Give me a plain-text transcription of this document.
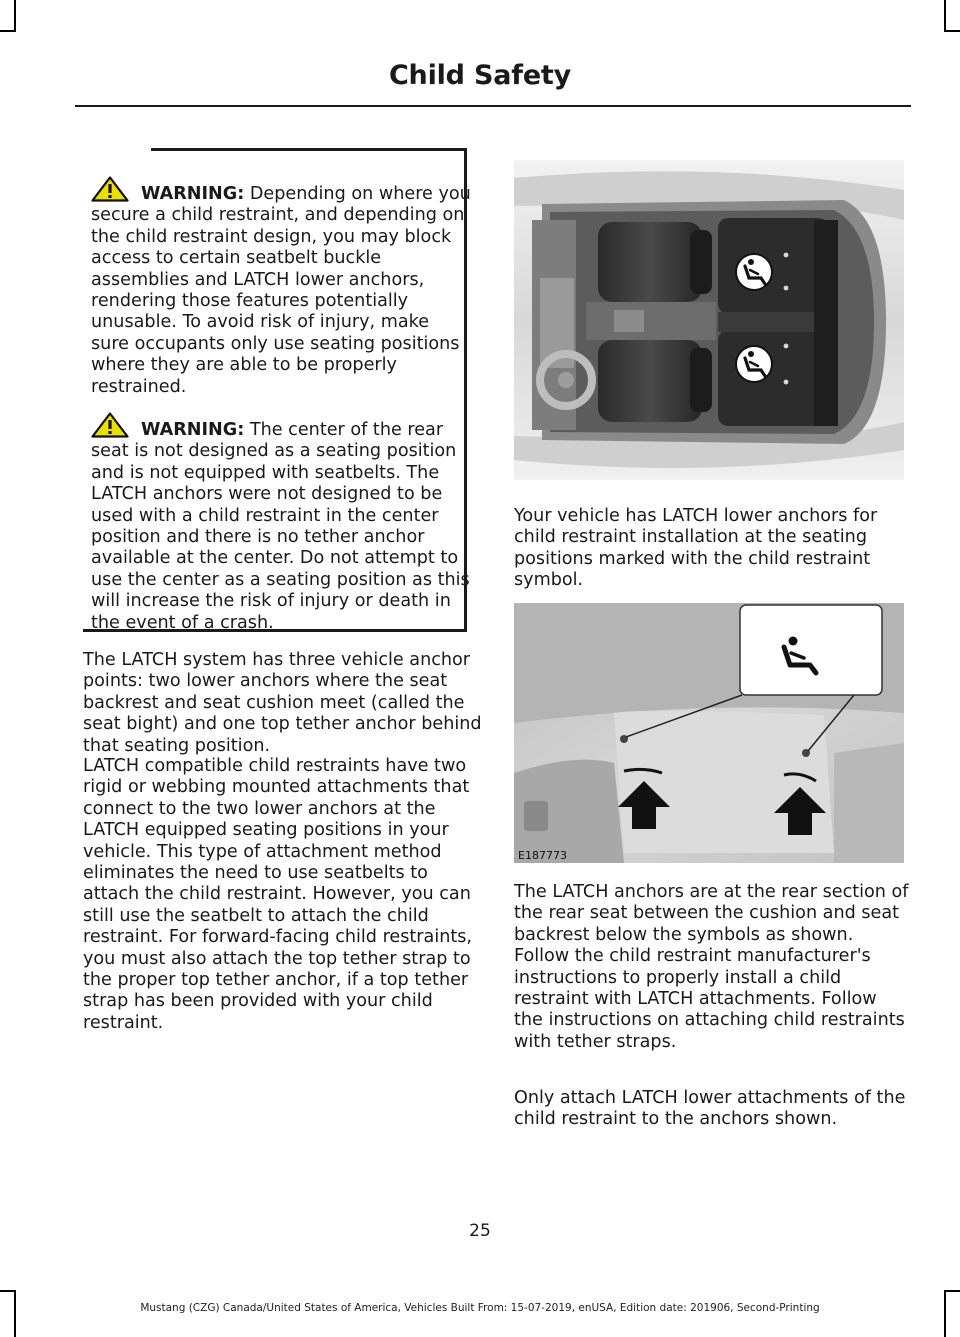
Child Safety
WARNING: Depending on where you secure a child restraint, and depending on the child restraint design, you may block access to certain seatbelt buckle assemblies and LATCH lower anchors, rendering those features potentially unusable. To avoid risk of injury, make sure occupants only use seating positions where they are able to be properly restrained.
WARNING: The center of the rear seat is not designed as a seating position and is not equipped with seatbelts. The LATCH anchors were not designed to be used with a child restraint in the center position and there is no tether anchor available at the center. Do not attempt to use the center as a seating position as this will increase the risk of injury or death in the event of a crash.
The LATCH system has three vehicle anchor points: two lower anchors where the seat backrest and seat cushion meet (called the seat bight) and one top tether anchor behind that seating position.
LATCH compatible child restraints have two rigid or webbing mounted attachments that connect to the two lower anchors at the LATCH equipped seating positions in your vehicle. This type of attachment method eliminates the need to use seatbelts to attach the child restraint. However, you can still use the seatbelt to attach the child restraint. For forward-facing child restraints, you must also attach the top tether strap to the proper top tether anchor, if a top tether strap has been provided with your child restraint.
Your vehicle has LATCH lower anchors for child restraint installation at the seating positions marked with the child restraint symbol.
E187773
The LATCH anchors are at the rear section of the rear seat between the cushion and seat backrest below the symbols as shown. Follow the child restraint manufacturer's instructions to properly install a child restraint with LATCH attachments. Follow the instructions on attaching child restraints with tether straps.
Only attach LATCH lower attachments of the child restraint to the anchors shown.
25
Mustang (CZG) Canada/United States of America, Vehicles Built From: 15-07-2019, enUSA, Edition date: 201906, Second-Printing
